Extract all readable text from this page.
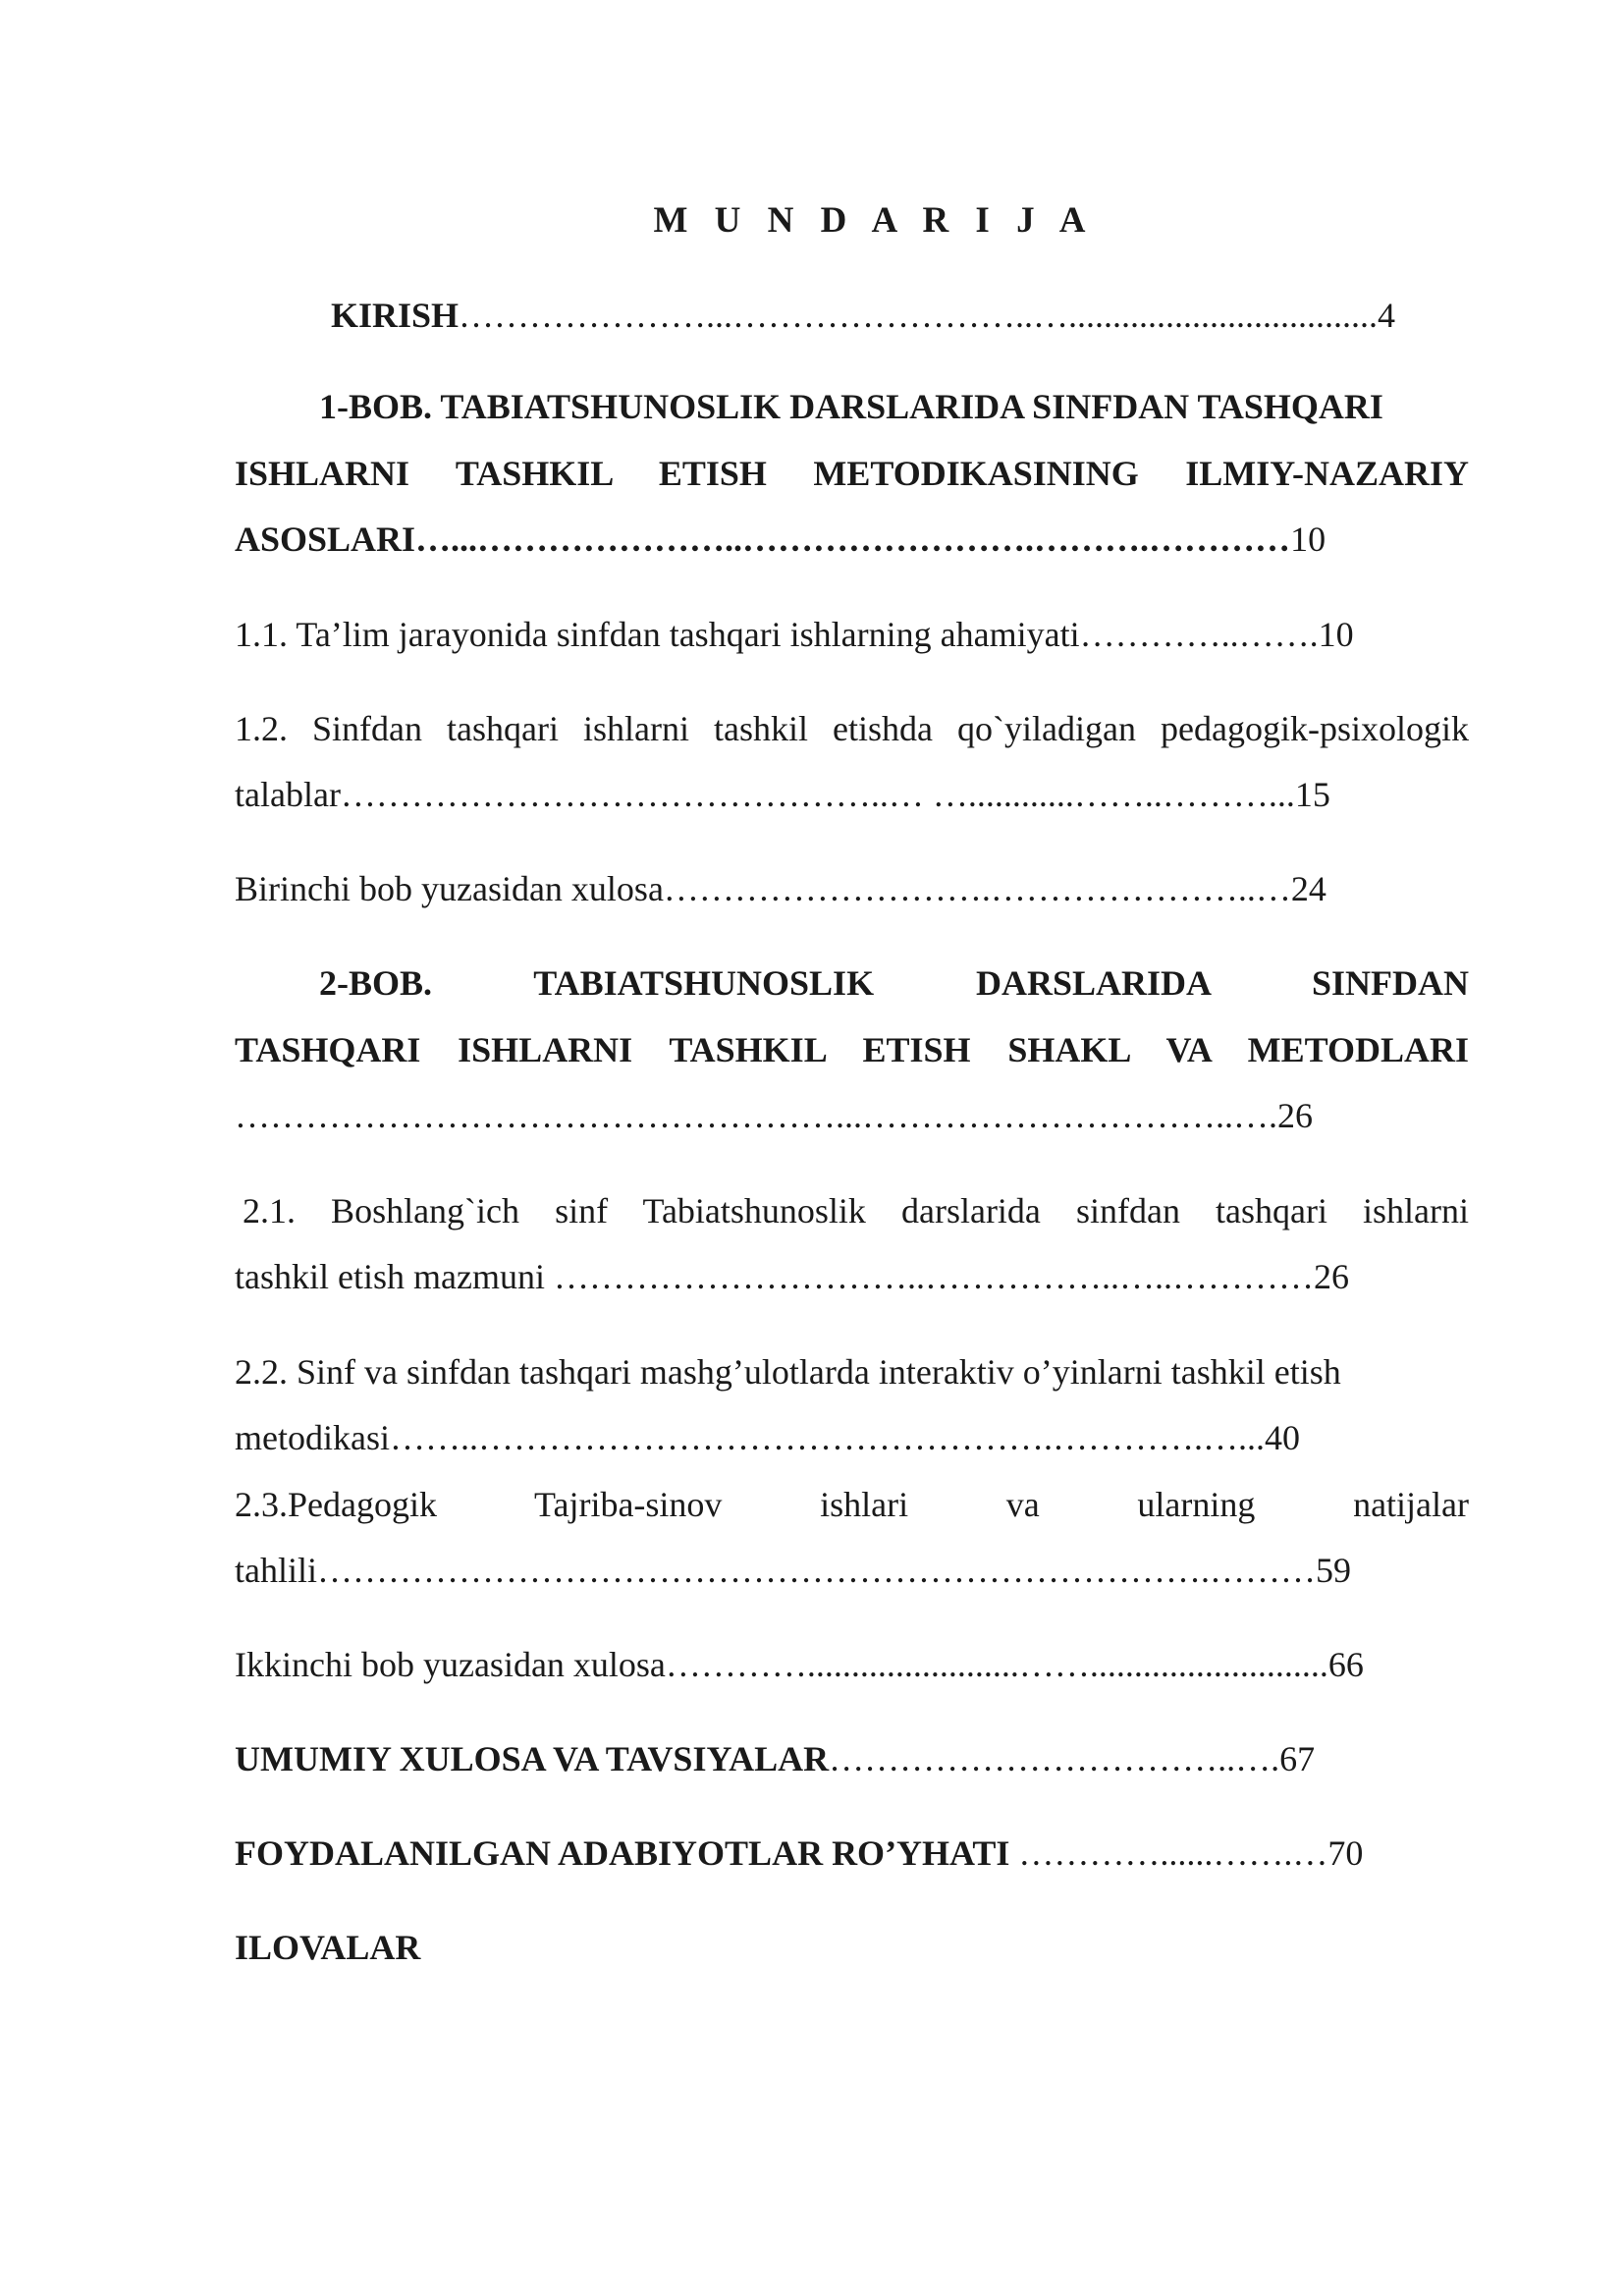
M U N D A R I J A
KIRISH…………………...……………………..…...................................4
1-BOB. TABIATSHUNOSLIK DARSLARIDA SINFDAN TASHQARI
ISHLARNI TASHKIL ETISH METODIKASINING ILMIY-NAZARIY
ASOSLARI…...…………………..…………………….……….…………10
1.1. Ta’lim jarayonida sinfdan tashqari ishlarning ahamiyati…………..…….10
1.2. Sinfdan tashqari ishlarni tashkil etishda qo`yiladigan pedagogik-psixologik
talablar………………………………………..… …............……..………...15
Birinchi bob yuzasidan xulosa……………………….…………………..…24
2-BOB. TABIATSHUNOSLIK DARSLARIDA SINFDAN
TASHQARI ISHLARNI TASHKIL ETISH SHAKL VA METODLARI
……………………………………………...…………………………..….26
2.1. Boshlang`ich sinf Tabiatshunoslik darslarida sinfdan tashqari ishlarni
tashkil etish mazmuni …………………………..……………..…..…………26
2.2. Sinf va sinfdan tashqari mashg’ulotlarda interaktiv o’yinlarni tashkil etish
metodikasi……..………………………………………….………….…...40
2.3.Pedagogik Tajriba-sinov ishlari va ularning natijalar
tahlili………………………………………………………………….………59
Ikkinchi bob yuzasidan xulosa…………........................……...........................66
UMUMIY XULOSA VA TAVSIYALAR……………………………..….67
FOYDALANILGAN ADABIYOTLAR RO’YHATI …………......…….…70
ILOVALAR
